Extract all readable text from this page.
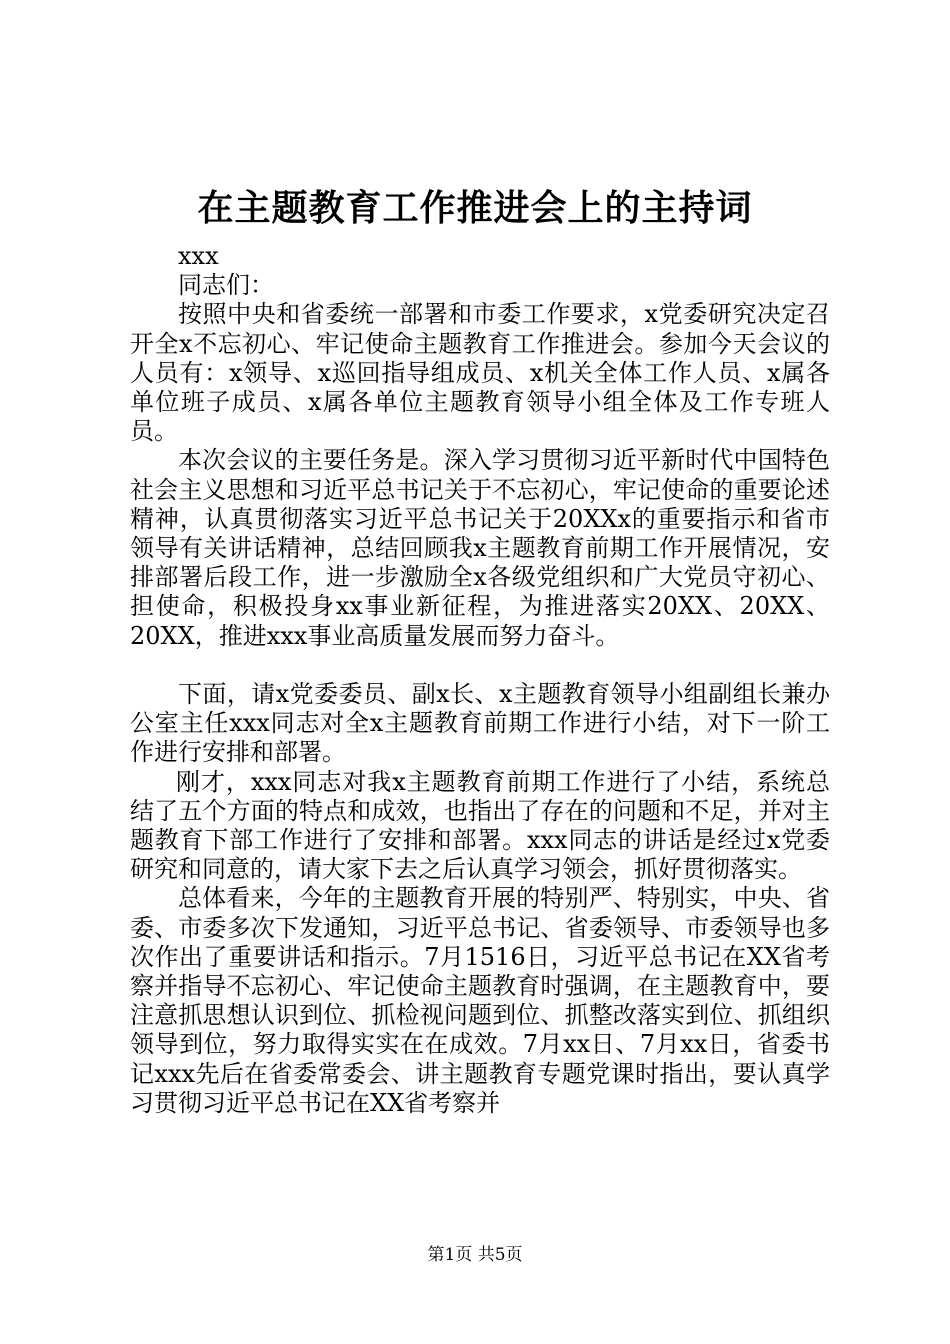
在主题教育工作推进会上的主持词

xxx

同志们：

按照中央和省委统一部署和市委工作要求，x党委研究决定召开全x不忘初心、牢记使命主题教育工作推进会。参加今天会议的人员有：x领导、x巡回指导组成员、x机关全体工作人员、x属各单位班子成员、x属各单位主题教育领导小组全体及工作专班人员。

本次会议的主要任务是。深入学习贯彻习近平新时代中国特色社会主义思想和习近平总书记关于不忘初心，牢记使命的重要论述精神，认真贯彻落实习近平总书记关于20XXx的重要指示和省市领导有关讲话精神，总结回顾我x主题教育前期工作开展情况，安排部署后段工作，进一步激励全x各级党组织和广大党员守初心、担使命，积极投身xx事业新征程，为推进落实20XX、20XX、20XX，推进xxx事业高质量发展而努力奋斗。

下面，请x党委委员、副x长、x主题教育领导小组副组长兼办公室主任xxx同志对全x主题教育前期工作进行小结，对下一阶工作进行安排和部署。

刚才，xxx同志对我x主题教育前期工作进行了小结，系统总结了五个方面的特点和成效，也指出了存在的问题和不足，并对主题教育下部工作进行了安排和部署。xxx同志的讲话是经过x党委研究和同意的，请大家下去之后认真学习领会，抓好贯彻落实。

总体看来，今年的主题教育开展的特别严、特别实，中央、省委、市委多次下发通知，习近平总书记、省委领导、市委领导也多次作出了重要讲话和指示。7月1516日，习近平总书记在XX省考察并指导不忘初心、牢记使命主题教育时强调，在主题教育中，要注意抓思想认识到位、抓检视问题到位、抓整改落实到位、抓组织领导到位，努力取得实实在在成效。7月xx日、7月xx日，省委书记xxx先后在省委常委会、讲主题教育专题党课时指出，要认真学习贯彻习近平总书记在XX省考察并

第1页 共5页
